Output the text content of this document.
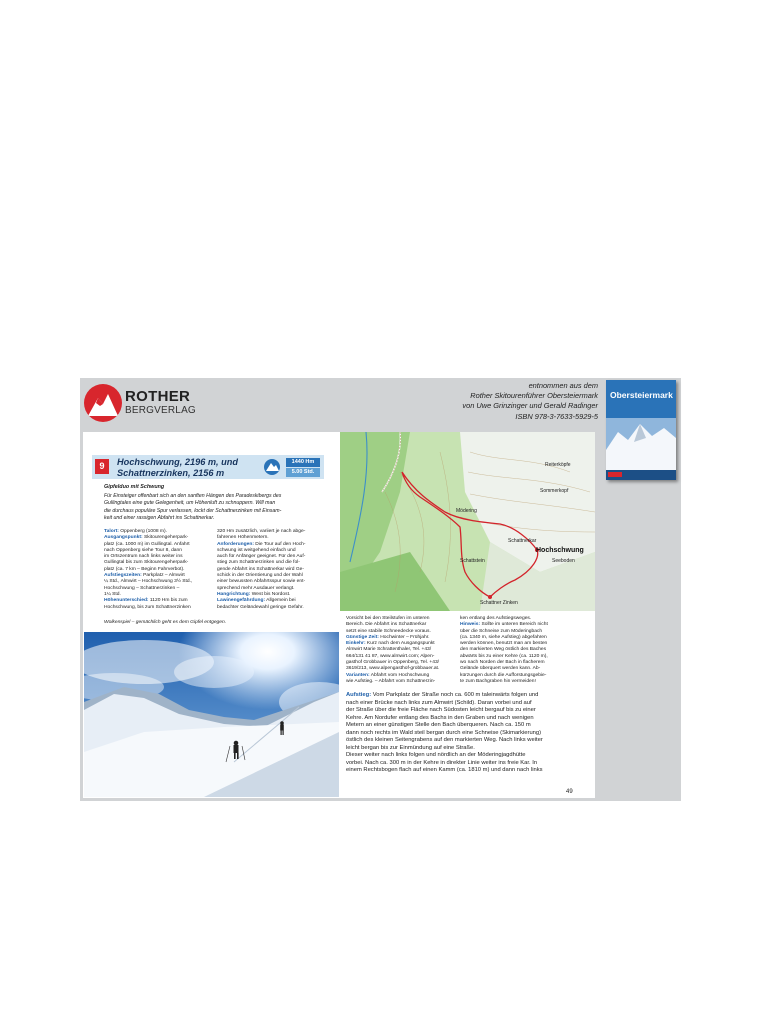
ROTHER
BERGVERLAG
entnommen aus dem
Rother Skitourenführer Obersteiermark
von Uwe Grinzinger und Gerald Radinger
ISBN 978-3-7633-5929-5
Obersteiermark
9	Hochschwung, 2196 m, und
Schattnerzinken, 2156 m
1440 Hm
5.00 Std.
Gipfelduo mit Schwung
Für Einsteiger offenbart sich an den sanften Hängen des Paradeskibergs des
Gullingtales eine gute Gelegenheit, um Höhenluft zu schnuppern. Will man
die durchaus populäre Spur verlassen, lockt der Schattnerzinken mit Einsam-
keit und einer rassigen Abfahrt ins Schattnerkar.
Talort: Oppenberg (1008 m).
Ausgangspunkt: Skitourengeherpark-
platz (ca. 1000 m) im Gullingtal. Anfahrt
nach Oppenberg siehe Tour 8, dann
im Ortszentrum nach links weiter ins
Gullingtal bis zum Skitourengeherpark-
platz (ca. 7 km – Beginn Fahrverbot).
Aufstiegszeiten: Parkplatz – Almwirt
¼ Std., Almwirt – Hochschwung 3½ Std.,
Hochschwung – Schattnerzinken –
1¼ Std.
Höhenunterschied: 1120 Hm bis zum
Hochschwung, bis zum Schattnerzinken
320 Hm zusätzlich, variiert je nach abge-
fahrenen Höhenmetern.
Anforderungen: Die Tour auf den Hoch-
schwung ist weitgehend einfach und
auch für Anfänger geeignet. Für den Auf-
stieg zum Schattnerzinken und die fol-
gende Abfahrt ins Schattnerkar wird Ge-
schick in der Orientierung und der Wahl
einer bewussten Abfahrtsspur sowie ent-
sprechend mehr Ausdauer verlangt.
Hangrichtung: West bis Nordost.
Lawinengefährdung: Allgemein bei
bedachter Geländewahl geringe Gefahr.
Wolkenspiel – gemächlich geht es dem Gipfel entgegen.
Hochschwung
Schattnerkar
Schattner Zinken
Seeboden
Reiterköpfe
Sommerkopf
Mödering
Schattstein
Vorsicht bei den Steilstufen im unteren
Bereich. Die Abfahrt ins Schattnerkar
setzt eine stabile Schneedecke voraus.
Günstige Zeit: Hochwinter – Frühjahr.
Einkehr: Kurz nach dem Ausgangspunkt
Almwirt Marie Schrattenthaler, Tel. +43/
664/131 41 87, www.almwirt.com; Alpen-
gasthof Grobbauer in Oppenberg, Tel. +43/
3619/213, www.alpengasthof-grobbauer.at.
Varianten: Abfahrt vom Hochschwung
wie Aufstieg. – Abfahrt vom Schattnerzin-
ken entlang des Aufstiegsweges.
Hinweis: Sollte im unteren Bereich nicht
über die Schneise zum Möderingbach
(ca. 1340 m, siehe Aufstieg) abgefahren
werden können, benutzt man am besten
den markierten Weg östlich des Baches
abwärts bis zu einer Kehre (ca. 1120 m),
wo nach Norden der Bach in flacherem
Gelände überquert werden kann. Ab-
kürzungen durch die Aufforstungsgebie-
te zum Bachgraben hin vermeiden!
Aufstieg: Vom Parkplatz der Straße noch ca. 600 m taleinwärts folgen und
nach einer Brücke nach links zum Almwirt (Schild). Daran vorbei und auf
der Straße über die freie Fläche nach Südosten leicht bergauf bis zu einer
Kehre. Am Nordufer entlang des Bachs in den Graben und nach wenigen
Metern an einer günstigen Stelle den Bach überqueren. Nach ca. 150 m
dann noch rechts im Wald steil bergan durch eine Schneise (Skimarkierung)
östlich des kleinen Seitengrabens auf den markierten Weg. Nach links weiter
leicht bergan bis zur Einmündung auf eine Straße.
Dieser weiter nach links folgen und nördlich an der Möderingjagdhütte
vorbei. Nach ca. 300 m in der Kehre in direkter Linie weiter ins freie Kar. In
einem Rechtsbogen flach auf einen Kamm (ca. 1810 m) und dann nach links
49
